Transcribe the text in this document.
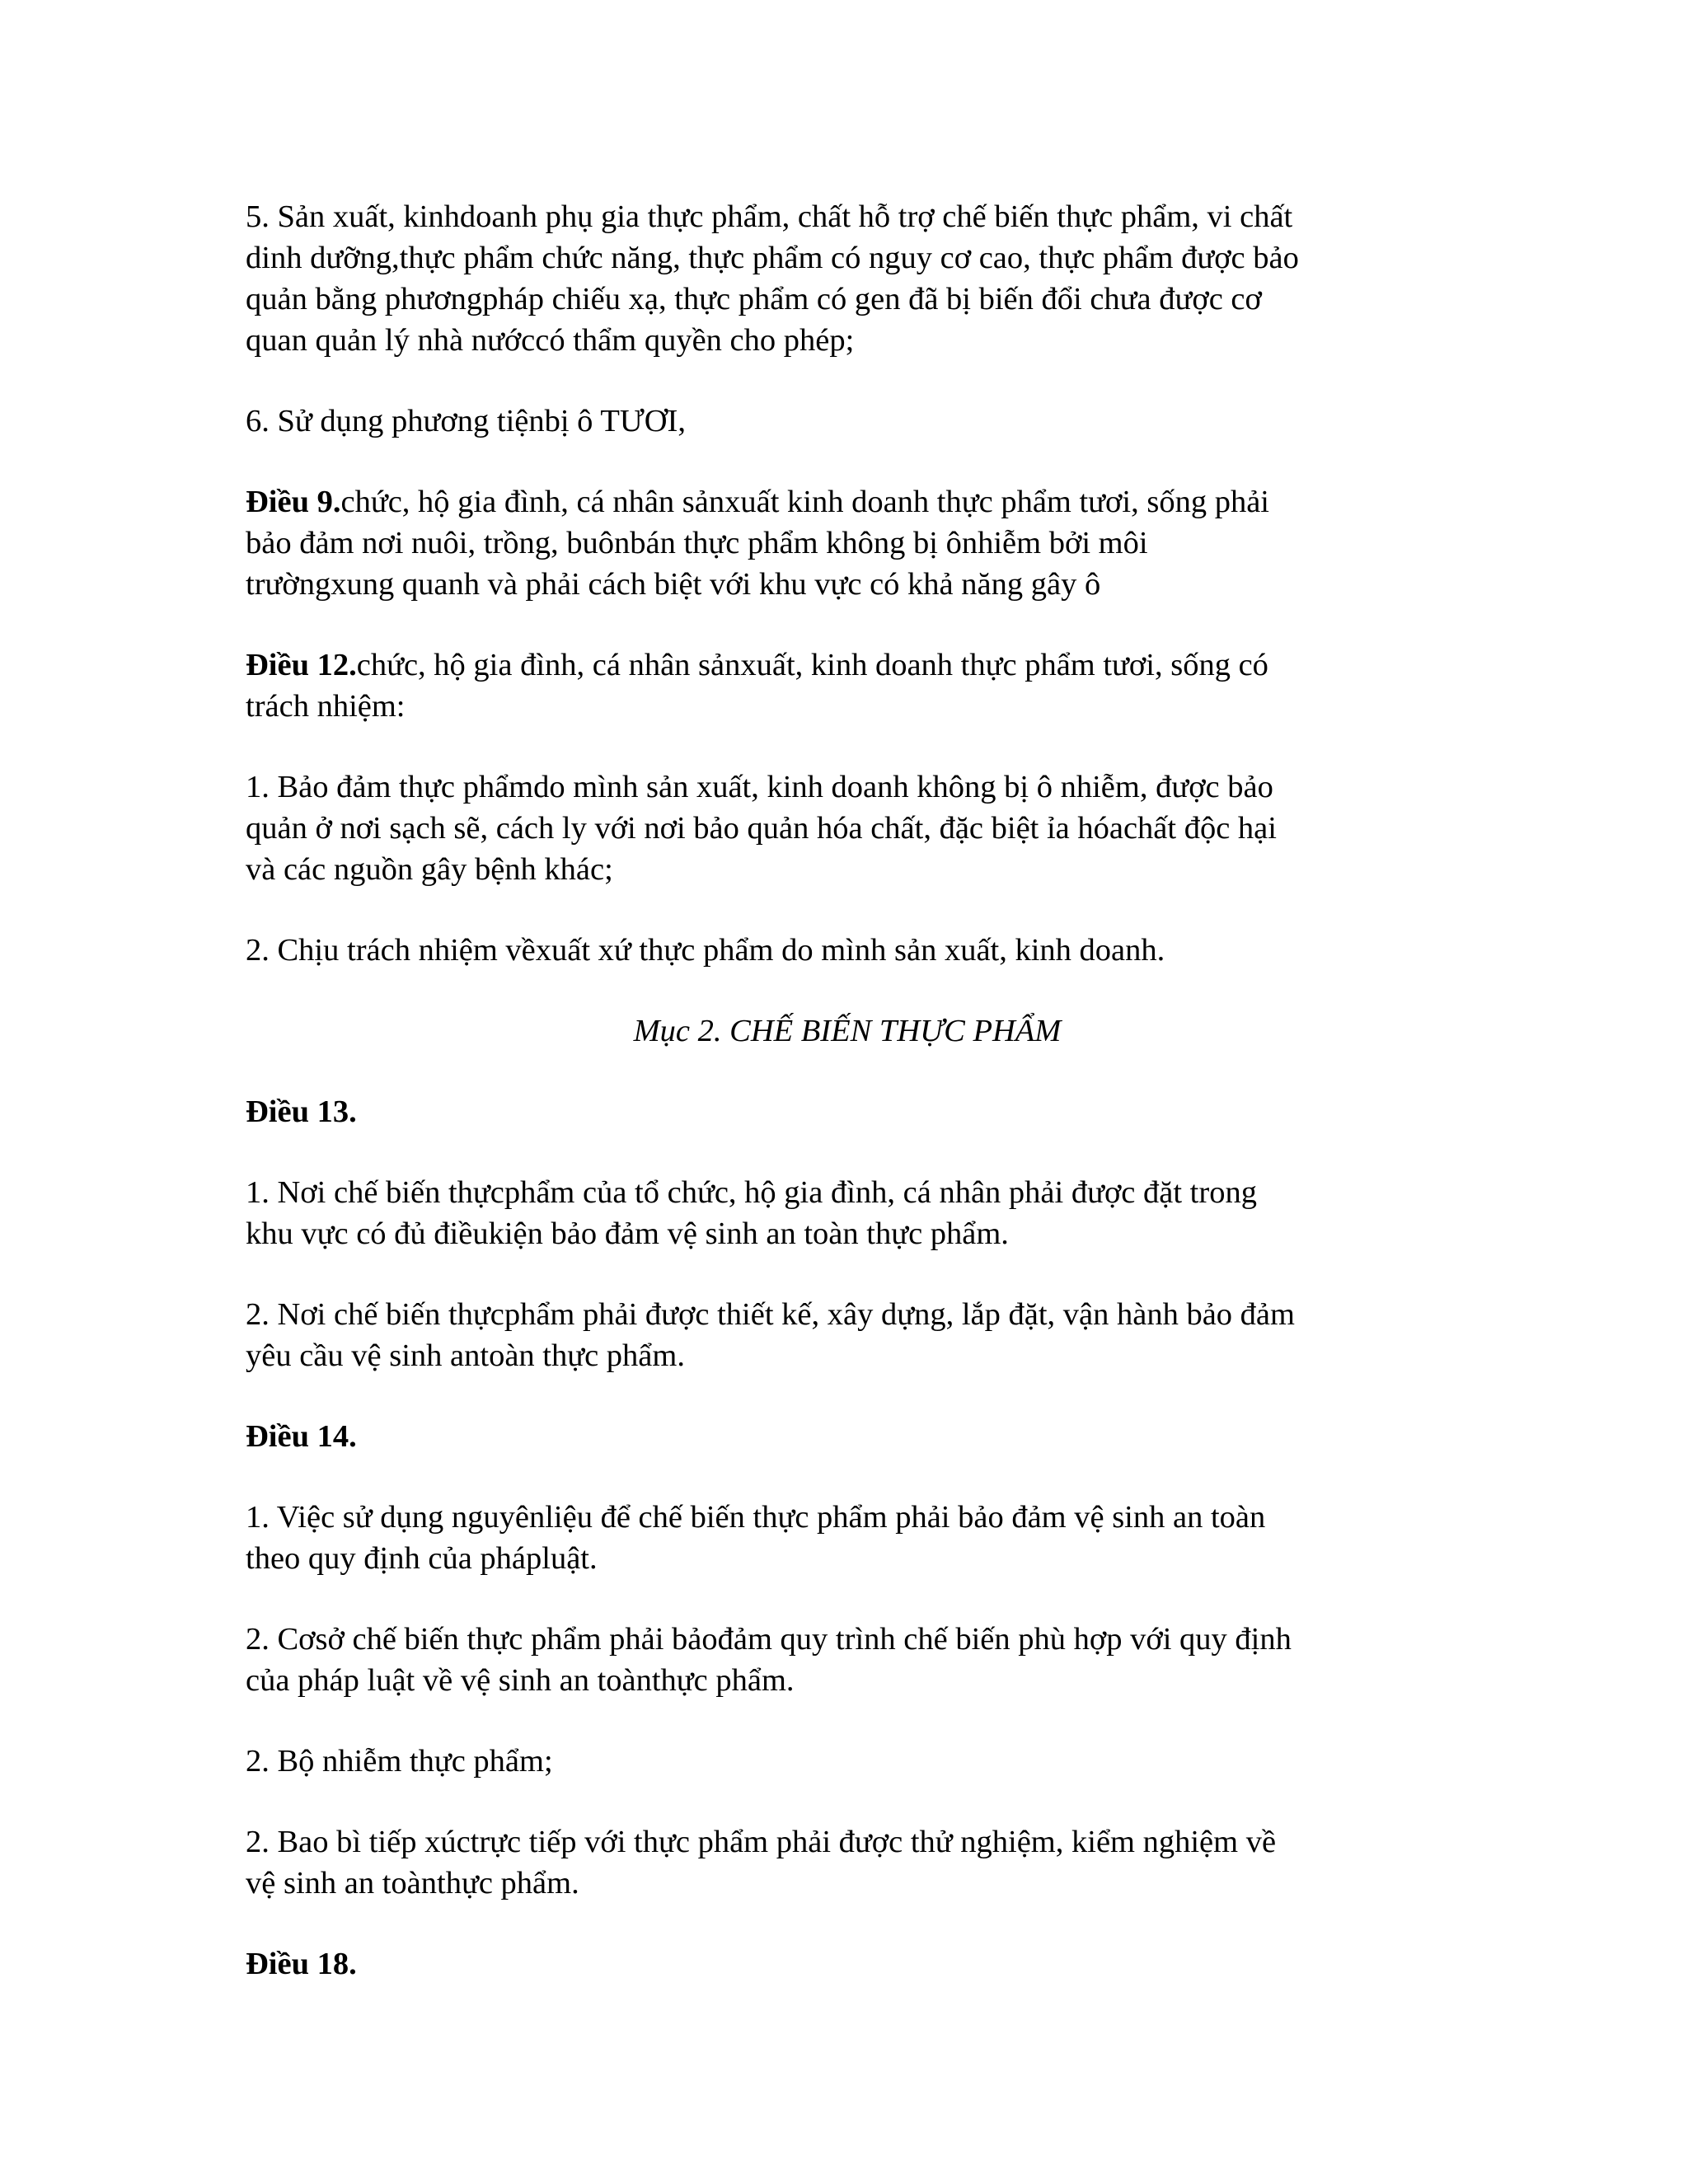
5. Sản xuất, kinhdoanh phụ gia thực phẩm, chất hỗ trợ chế biến thực phẩm, vi chất
dinh dưỡng,thực phẩm chức năng, thực phẩm có nguy cơ cao, thực phẩm được bảo
quản bằng phươngpháp chiếu xạ, thực phẩm có gen đã bị biến đổi chưa được cơ
quan quản lý nhà nướccó thẩm quyền cho phép;

6. Sử dụng phương tiệnbị ô TƯƠI,

Điều 9.chức, hộ gia đình, cá nhân sảnxuất kinh doanh thực phẩm tươi, sống phải
bảo đảm nơi nuôi, trồng, buônbán thực phẩm không bị ônhiễm bởi môi
trườngxung quanh và phải cách biệt với khu vực có khả năng gây ô

Điều 12.chức, hộ gia đình, cá nhân sảnxuất, kinh doanh thực phẩm tươi, sống có
trách nhiệm:

1. Bảo đảm thực phẩmdo mình sản xuất, kinh doanh không bị ô nhiễm, được bảo
quản ở nơi sạch sẽ, cách ly với nơi bảo quản hóa chất, đặc biệt ỉa hóachất độc hại
và các nguồn gây bệnh khác;

2. Chịu trách nhiệm vềxuất xứ thực phẩm do mình sản xuất, kinh doanh.

Mục 2. CHẾ BIẾN THỰC PHẨM

Điều 13.

1. Nơi chế biến thựcphẩm của tổ chức, hộ gia đình, cá nhân phải được đặt trong
khu vực có đủ điềukiện bảo đảm vệ sinh an toàn thực phẩm.

2. Nơi chế biến thựcphẩm phải được thiết kế, xây dựng, lắp đặt, vận hành bảo đảm
yêu cầu vệ sinh antoàn thực phẩm.

Điều 14.

1. Việc sử dụng nguyênliệu để chế biến thực phẩm phải bảo đảm vệ sinh an toàn
theo quy định của phápluật.

2. Cơsở chế biến thực phẩm phải bảođảm quy trình chế biến phù hợp với quy định
của pháp luật về vệ sinh an toànthực phẩm.

2. Bộ nhiễm thực phẩm;

2. Bao bì tiếp xúctrực tiếp với thực phẩm phải được thử nghiệm, kiểm nghiệm về
vệ sinh an toànthực phẩm.

Điều 18.
